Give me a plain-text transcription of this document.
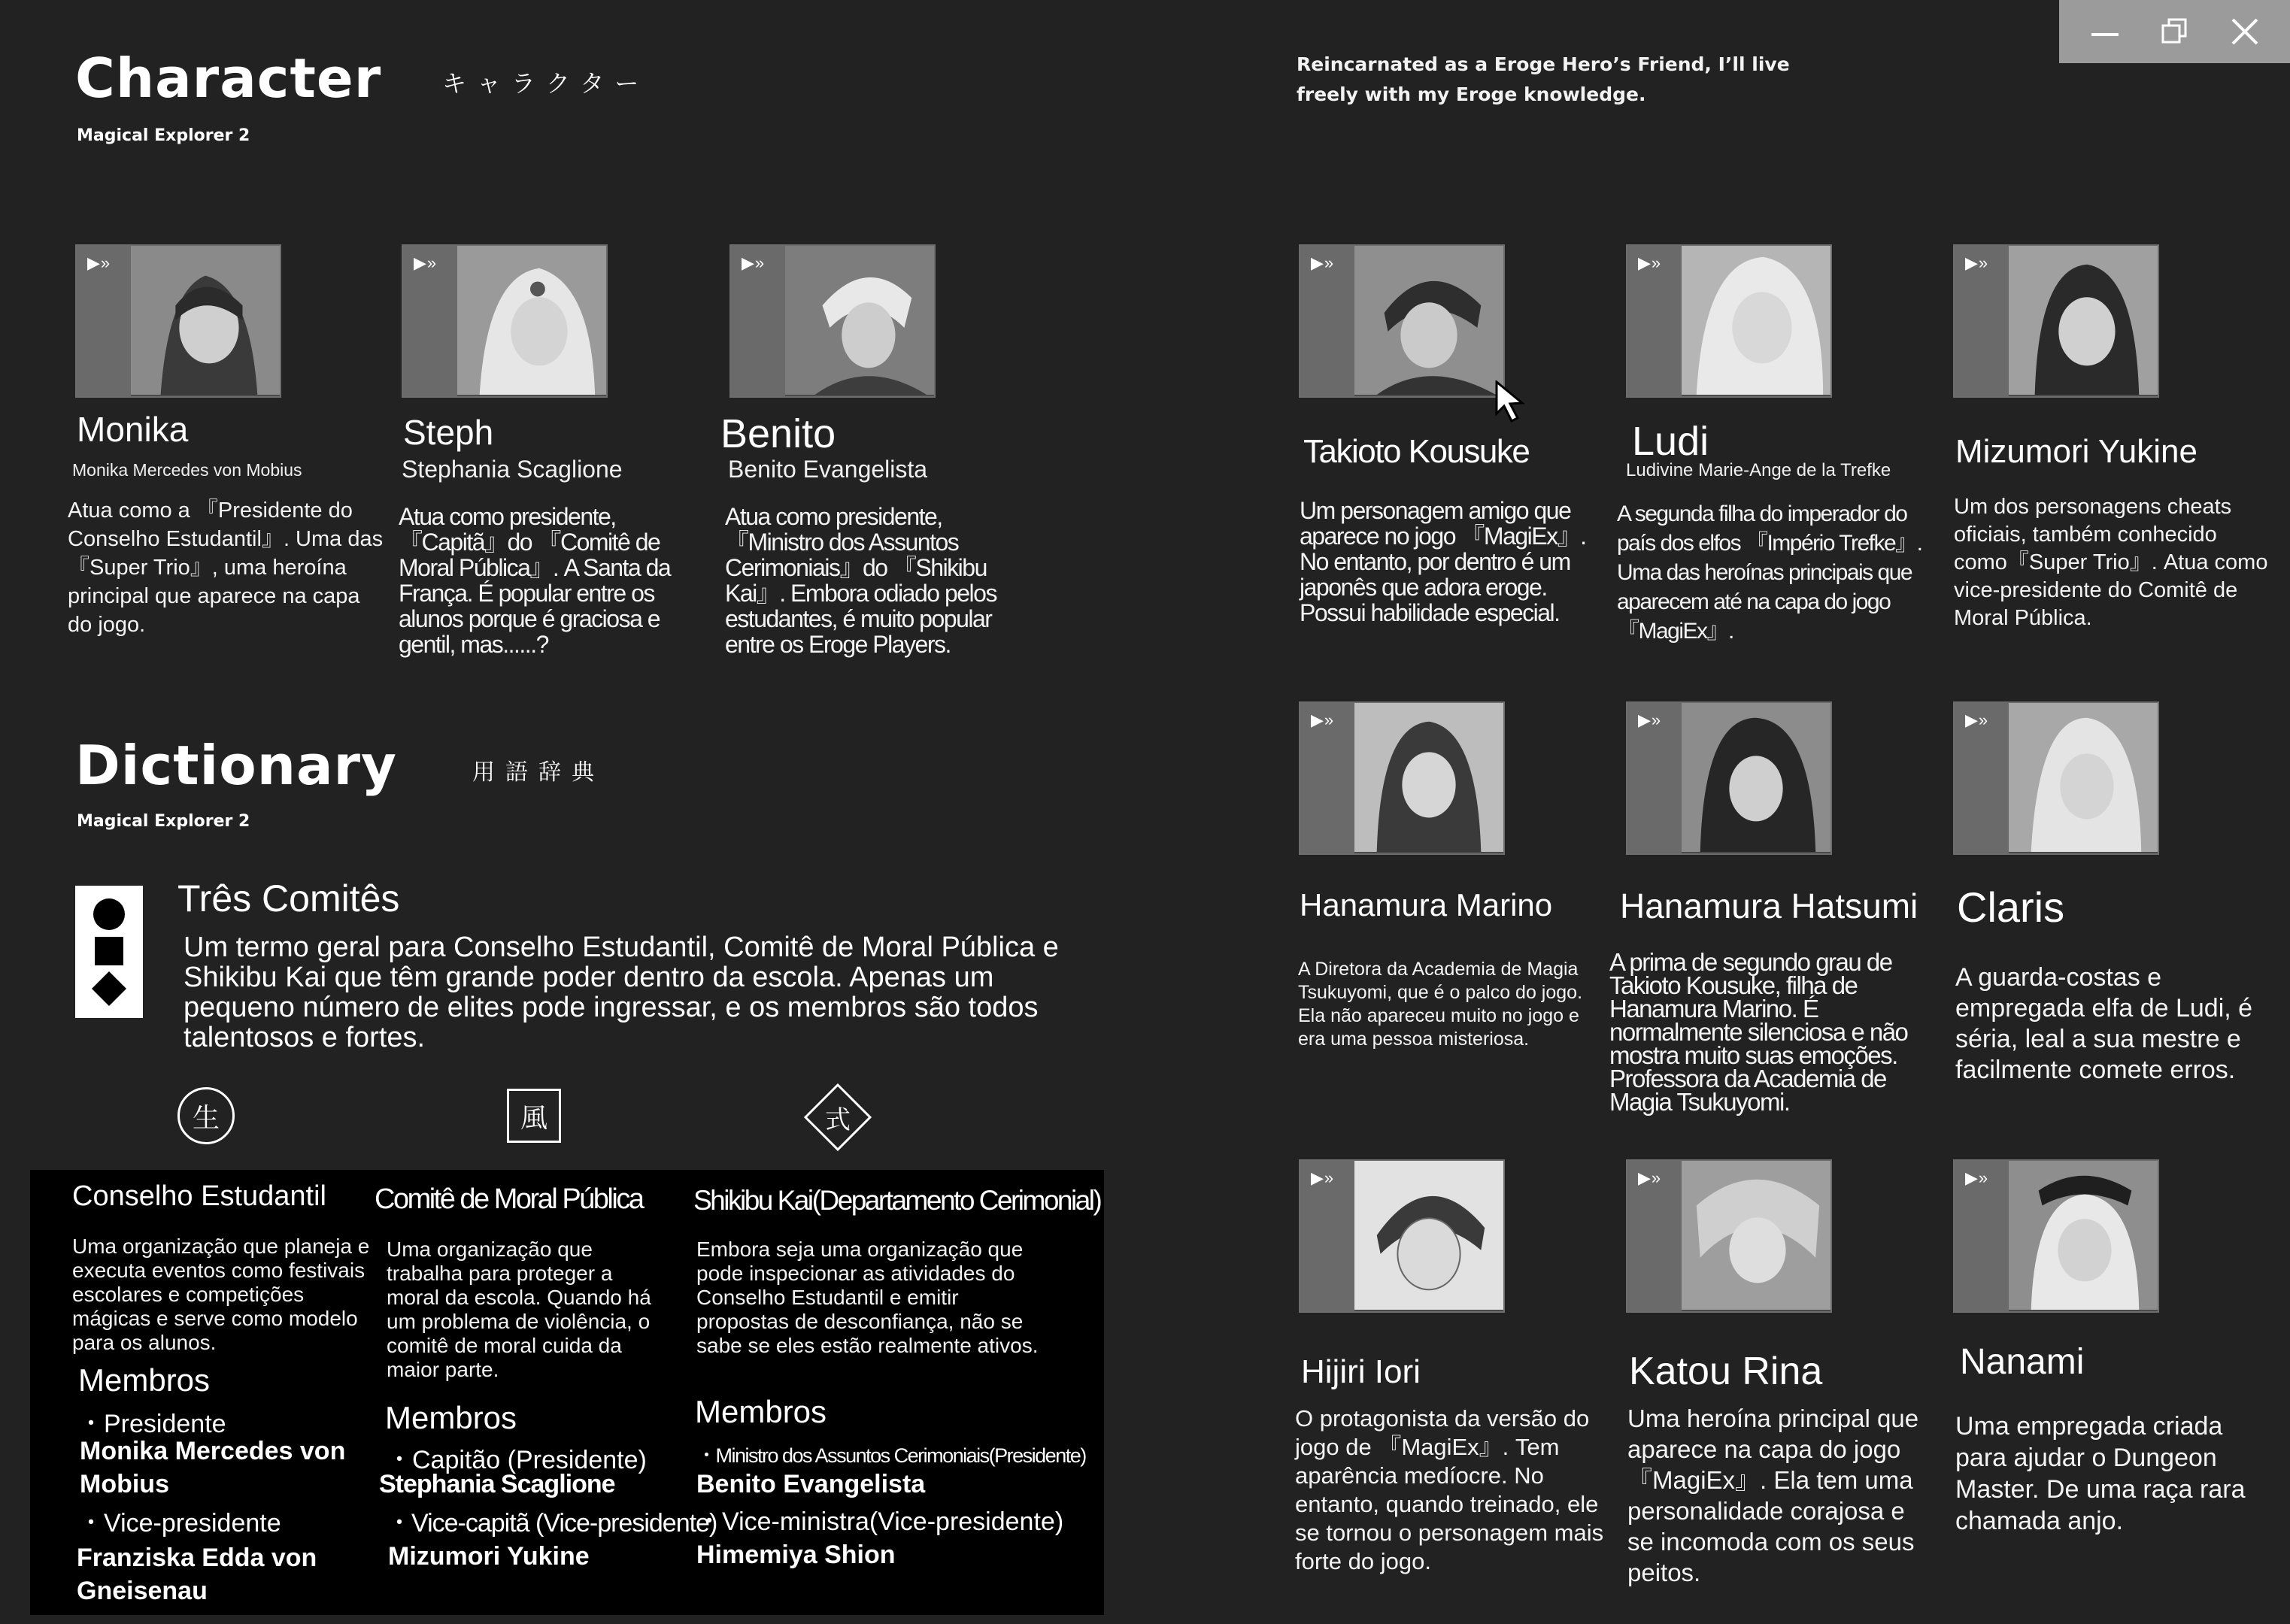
Character	キャラクター
Magical Explorer 2
Reincarnated as a Eroge Hero’s Friend, I’ll live freely with my Eroge knowledge.
▶»
Monika
Monika Mercedes von Mobius
Atua como a 『Presidente do Conselho Estudantil』. Uma das 『Super Trio』, uma heroína principal que aparece na capa do jogo.
▶»
Steph
Stephania Scaglione
Atua como presidente, 『Capitã』do 『Comitê de Moral Pública』. A Santa da França. É popular entre os alunos porque é graciosa e gentil, mas......?
▶»
Benito
Benito Evangelista
Atua como presidente, 『Ministro dos Assuntos Cerimoniais』do 『Shikibu Kai』. Embora odiado pelos estudantes, é muito popular entre os Eroge Players.
Dictionary	用語辞典
Magical Explorer 2
Três Comitês
Um termo geral para Conselho Estudantil, Comitê de Moral Pública e Shikibu Kai que têm grande poder dentro da escola. Apenas um pequeno número de elites pode ingressar, e os membros são todos talentosos e fortes.
生	風	式
Conselho Estudantil
Uma organização que planeja e executa eventos como festivais escolares e competições mágicas e serve como modelo para os alunos.
Membros
・Presidente
Monika Mercedes von Mobius
・Vice-presidente
Franziska Edda von Gneisenau
Comitê de Moral Pública
Uma organização que trabalha para proteger a moral da escola. Quando há um problema de violência, o comitê de moral cuida da maior parte.
Membros
・Capitão (Presidente)
Stephania Scaglione
・Vice-capitã (Vice-presidente)
Mizumori Yukine
Shikibu Kai(Departamento Cerimonial)
Embora seja uma organização que pode inspecionar as atividades do Conselho Estudantil e emitir propostas de desconfiança, não se sabe se eles estão realmente ativos.
Membros
・Ministro dos Assuntos Cerimoniais(Presidente)
Benito Evangelista
・Vice-ministra(Vice-presidente)
Himemiya Shion
▶»
Takioto Kousuke
Um personagem amigo que aparece no jogo 『MagiEx』. No entanto, por dentro é um japonês que adora eroge. Possui habilidade especial.
▶»
Ludi
Ludivine Marie-Ange de la Trefke
A segunda filha do imperador do país dos elfos 『Império Trefke』. Uma das heroínas principais que aparecem até na capa do jogo 『MagiEx』.
▶»
Mizumori Yukine
Um dos personagens cheats oficiais, também conhecido como『Super Trio』. Atua como vice-presidente do Comitê de Moral Pública.
▶»
Hanamura Marino
A Diretora da Academia de Magia Tsukuyomi, que é o palco do jogo. Ela não apareceu muito no jogo e era uma pessoa misteriosa.
▶»
Hanamura Hatsumi
A prima de segundo grau de Takioto Kousuke, filha de Hanamura Marino. É normalmente silenciosa e não mostra muito suas emoções. Professora da Academia de Magia Tsukuyomi.
▶»
Claris
A guarda-costas e empregada elfa de Ludi, é séria, leal a sua mestre e facilmente comete erros.
▶»
Hijiri Iori
O protagonista da versão do jogo de 『MagiEx』. Tem aparência medíocre. No entanto, quando treinado, ele se tornou o personagem mais forte do jogo.
▶»
Katou Rina
Uma heroína principal que aparece na capa do jogo 『MagiEx』. Ela tem uma personalidade corajosa e se incomoda com os seus peitos.
▶»
Nanami
Uma empregada criada para ajudar o Dungeon Master. De uma raça rara chamada anjo.
